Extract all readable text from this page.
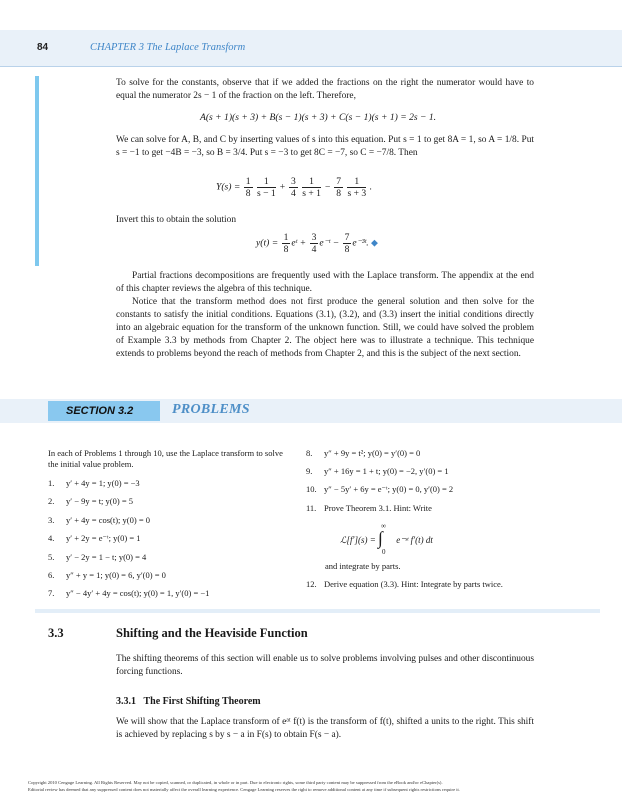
84	CHAPTER 3 The Laplace Transform
To solve for the constants, observe that if we added the fractions on the right the numerator would have to equal the numerator 2s − 1 of the fraction on the left. Therefore,
A(s + 1)(s + 3) + B(s − 1)(s + 3) + C(s − 1)(s + 1) = 2s − 1.
We can solve for A, B, and C by inserting values of s into this equation. Put s = 1 to get 8A = 1, so A = 1/8. Put s = −1 to get −4B = −3, so B = 3/4. Put s = −3 to get 8C = −7, so C = −7/8. Then
$Y(s) = \frac{1}{8}$
$\frac{1}{s - 1} + \frac{3}{4}$
$\frac{1}{s + 1} - \frac{7}{8}$
$\frac{1}{s + 3}$ .
Invert this to obtain the solution
$y(t) = \frac{1}{8}$ eᵗ + $\frac{3}{4}$ e⁻ᵗ − $\frac{7}{8}$ e⁻³ᵗ. ◆
Partial fractions decompositions are frequently used with the Laplace transform. The appendix at the end of this chapter reviews the algebra of this technique.
Notice that the transform method does not first produce the general solution and then solve for the constants to satisfy the initial conditions. Equations (3.1), (3.2), and (3.3) insert the initial conditions directly into an algebraic equation for the transform of the unknown function. Still, we could have solved the problem of Example 3.3 by methods from Chapter 2. The object here was to illustrate a technique. This technique extends to problems beyond the reach of methods from Chapter 2, and this is the subject of the next section.
SECTION 3.2	PROBLEMS
In each of Problems 1 through 10, use the Laplace transform to solve the initial value problem.
1. y′ + 4y = 1; y(0) = −3
2. y′ − 9y = t; y(0) = 5
3. y′ + 4y = cos(t); y(0) = 0
4. y′ + 2y = e⁻ᵗ; y(0) = 1
5. y′ − 2y = 1 − t; y(0) = 4
6. y″ + y = 1; y(0) = 6, y′(0) = 0
7. y″ − 4y′ + 4y = cos(t); y(0) = 1, y′(0) = −1
8. y″ + 9y = t²; y(0) = y′(0) = 0
9. y″ + 16y = 1 + t; y(0) = −2, y′(0) = 1
10. y″ − 5y′ + 6y = e⁻ᵗ; y(0) = 0, y′(0) = 2
11. Prove Theorem 3.1. Hint: Write
ℒ[f′](s) =
∞
∫
0
e⁻ˢᵗ f′(t) dt
and integrate by parts.
12. Derive equation (3.3). Hint: Integrate by parts twice.
3.3	Shifting and the Heaviside Function
The shifting theorems of this section will enable us to solve problems involving pulses and other discontinuous forcing functions.
3.3.1 The First Shifting Theorem
We will show that the Laplace transform of eᵃᵗ f(t) is the transform of f(t), shifted a units to the right. This shift is achieved by replacing s by s − a in F(s) to obtain F(s − a).
Copyright 2010 Cengage Learning. All Rights Reserved. May not be copied, scanned, or duplicated, in whole or in part. Due to electronic rights, some third party content may be suppressed from the eBook and/or eChapter(s).
Editorial review has deemed that any suppressed content does not materially affect the overall learning experience. Cengage Learning reserves the right to remove additional content at any time if subsequent rights restrictions require it.
